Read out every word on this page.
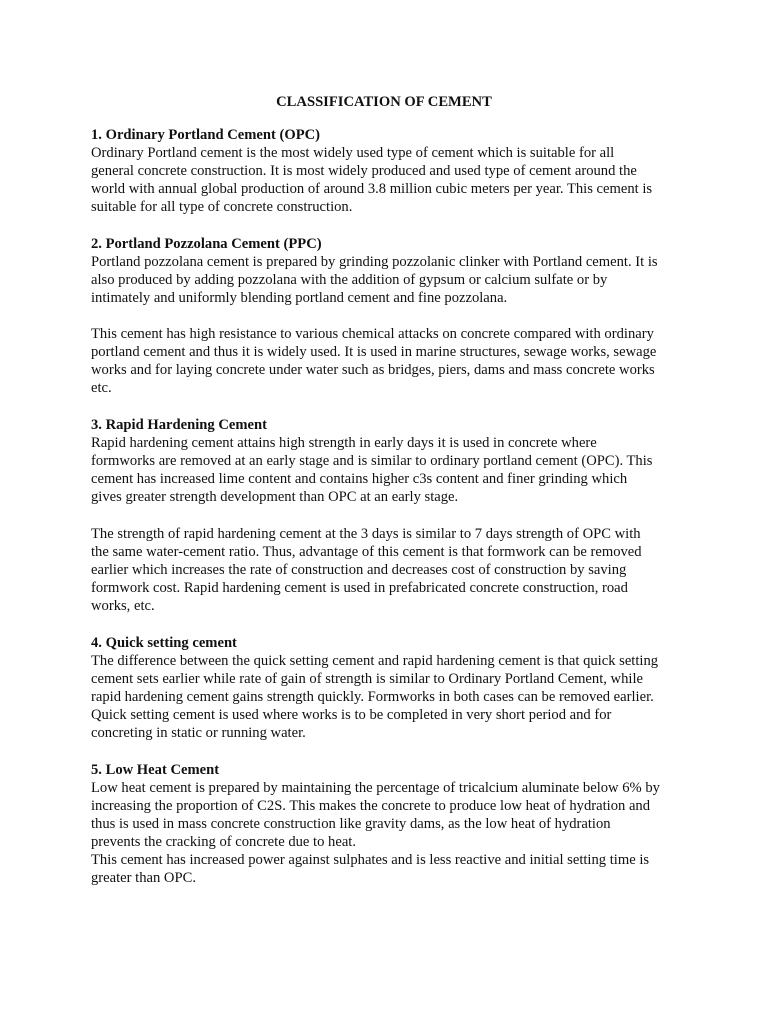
CLASSIFICATION OF CEMENT
1. Ordinary Portland Cement (OPC)
Ordinary Portland cement is the most widely used type of cement which is suitable for all
general concrete construction. It is most widely produced and used type of cement around the
world with annual global production of around 3.8 million cubic meters per year. This cement is
suitable for all type of concrete construction.
2. Portland Pozzolana Cement (PPC)
Portland pozzolana cement is prepared by grinding pozzolanic clinker with Portland cement. It is
also produced by adding pozzolana with the addition of gypsum or calcium sulfate or by
intimately and uniformly blending portland cement and fine pozzolana.
This cement has high resistance to various chemical attacks on concrete compared with ordinary
portland cement and thus it is widely used. It is used in marine structures, sewage works, sewage
works and for laying concrete under water such as bridges, piers, dams and mass concrete works
etc.
3. Rapid Hardening Cement
Rapid hardening cement attains high strength in early days it is used in concrete where
formworks are removed at an early stage and is similar to ordinary portland cement (OPC). This
cement has increased lime content and contains higher c3s content and finer grinding which
gives greater strength development than OPC at an early stage.
The strength of rapid hardening cement at the 3 days is similar to 7 days strength of OPC with
the same water-cement ratio. Thus, advantage of this cement is that formwork can be removed
earlier which increases the rate of construction and decreases cost of construction by saving
formwork cost. Rapid hardening cement is used in prefabricated concrete construction, road
works, etc.
4. Quick setting cement
The difference between the quick setting cement and rapid hardening cement is that quick setting
cement sets earlier while rate of gain of strength is similar to Ordinary Portland Cement, while
rapid hardening cement gains strength quickly. Formworks in both cases can be removed earlier.
Quick setting cement is used where works is to be completed in very short period and for
concreting in static or running water.
5. Low Heat Cement
Low heat cement is prepared by maintaining the percentage of tricalcium aluminate below 6% by
increasing the proportion of C2S. This makes the concrete to produce low heat of hydration and
thus is used in mass concrete construction like gravity dams, as the low heat of hydration
prevents the cracking of concrete due to heat.
This cement has increased power against sulphates and is less reactive and initial setting time is
greater than OPC.
